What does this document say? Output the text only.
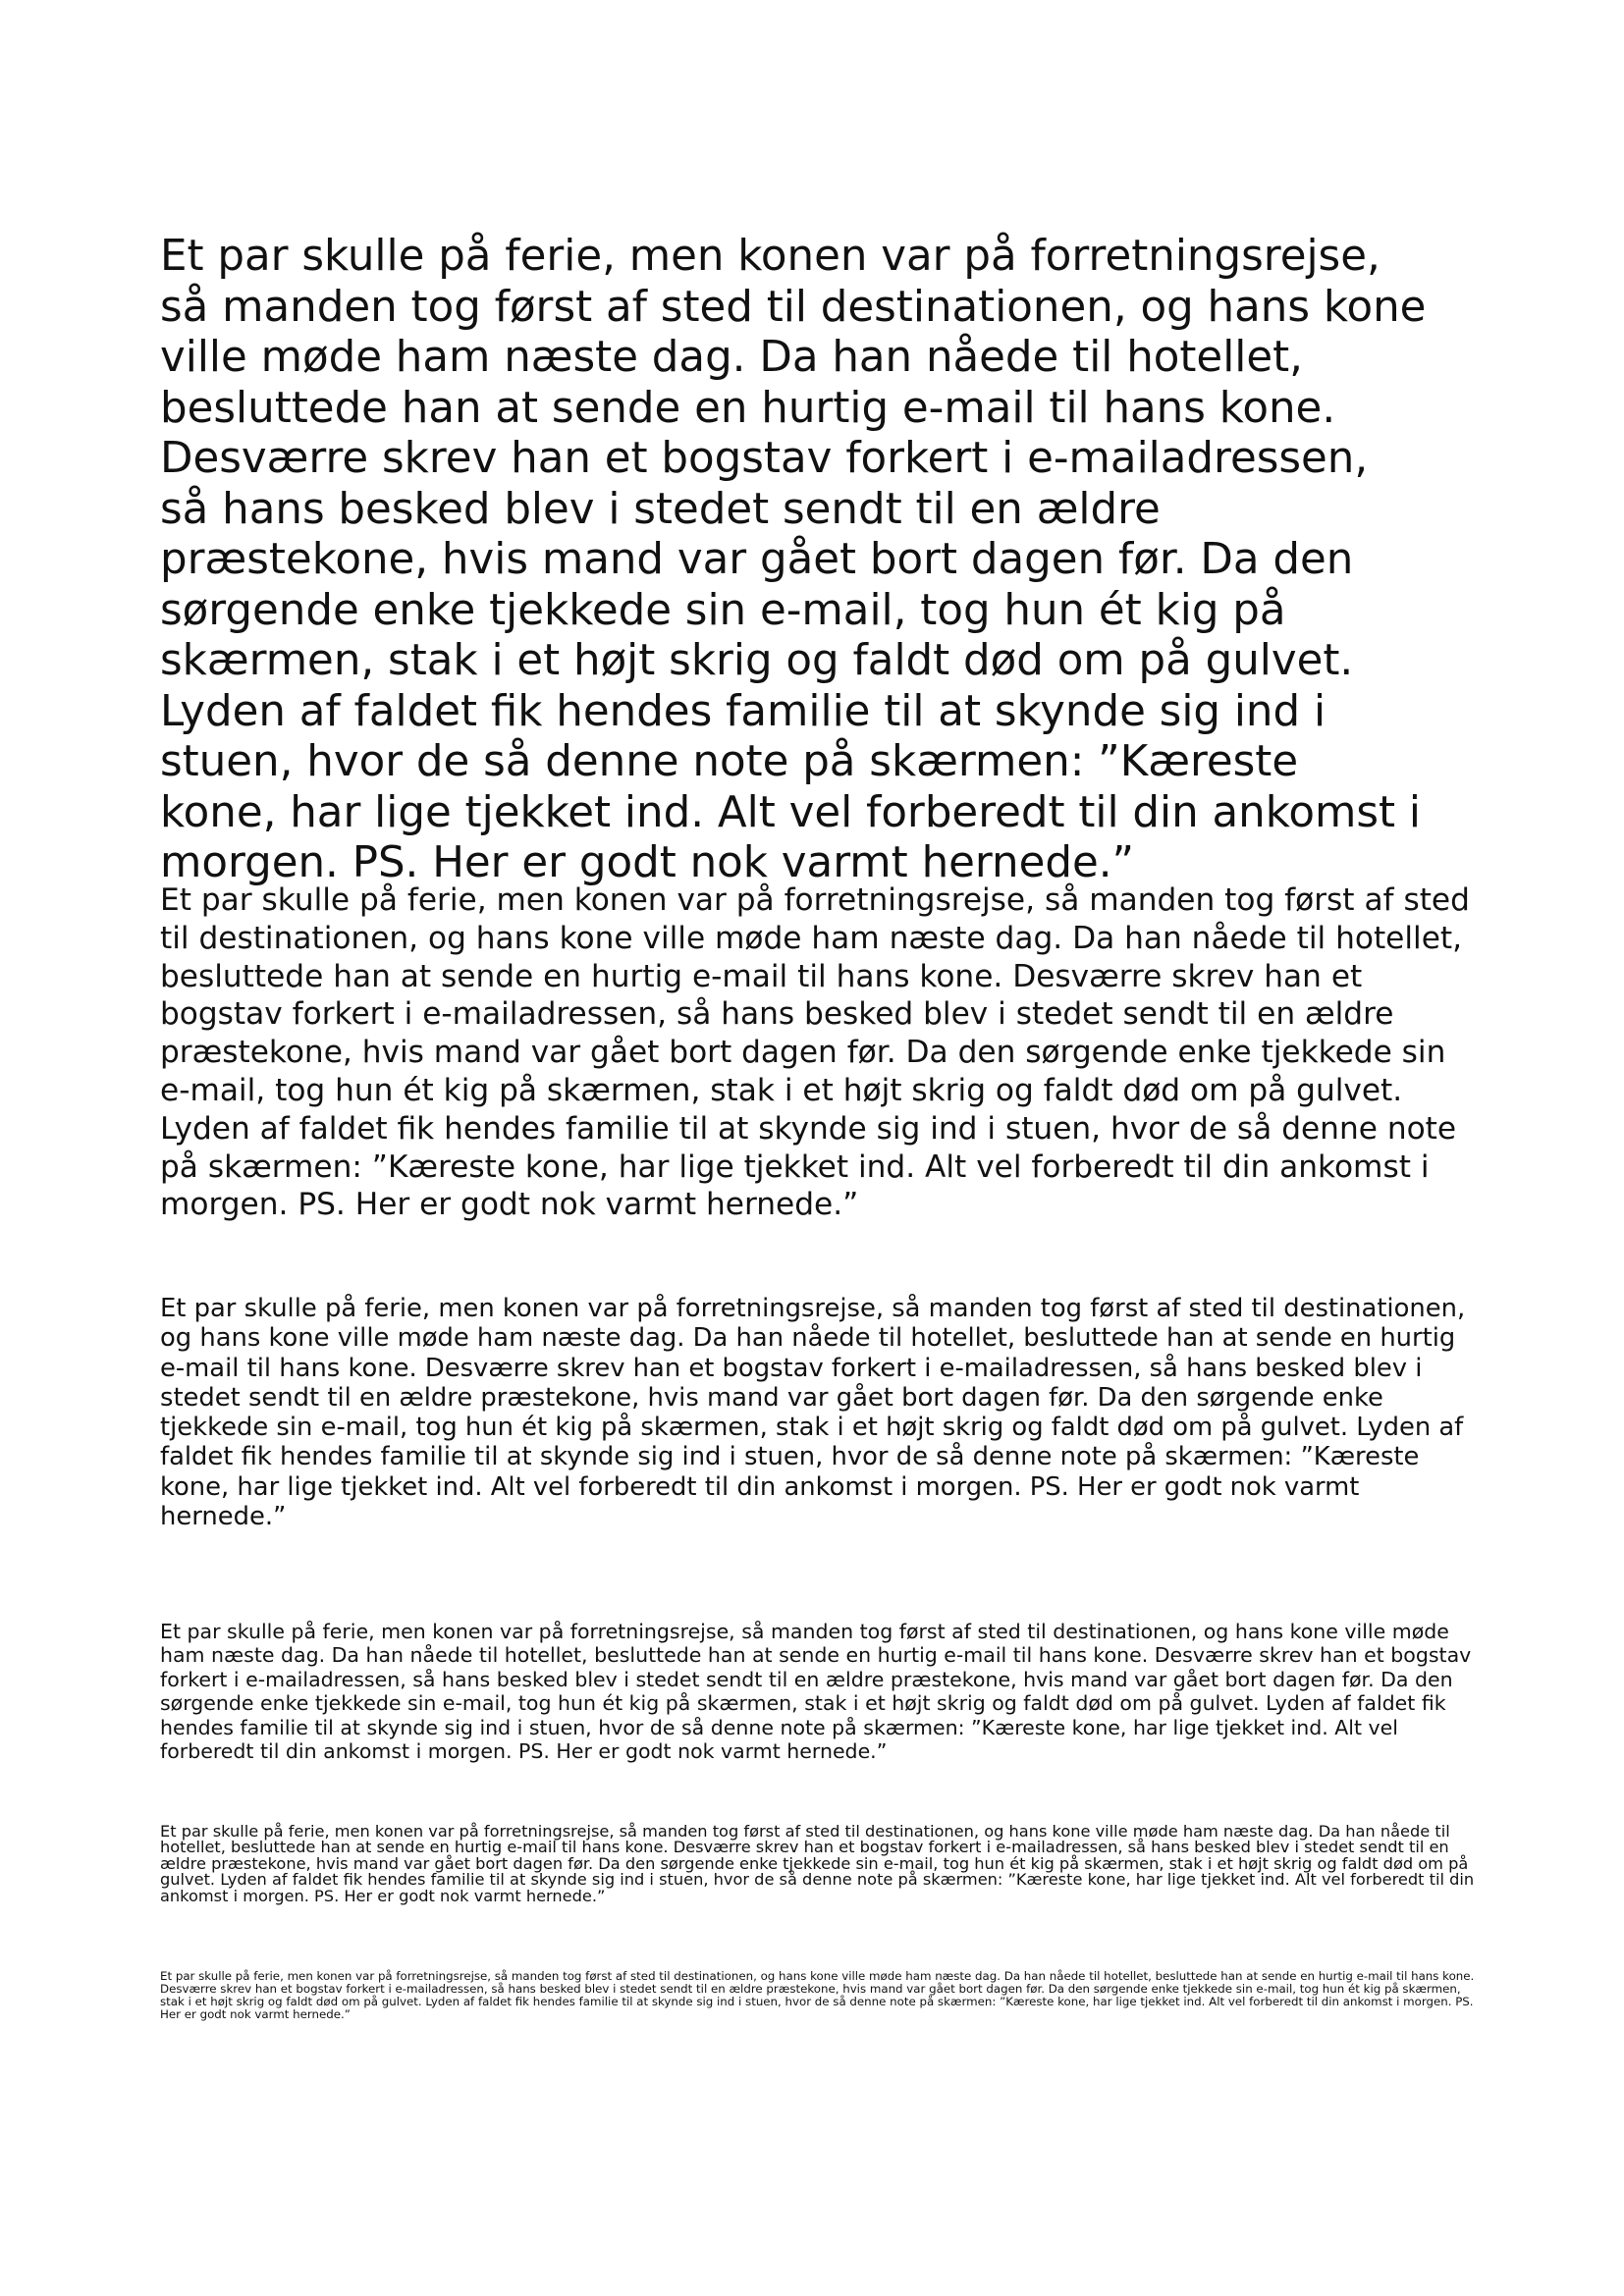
Et par skulle på ferie, men konen var på forretningsrejse, så manden tog først af sted til destinationen, og hans kone ville møde ham næste dag. Da han nåede til hotellet, besluttede han at sende en hurtig e-mail til hans kone. Desværre skrev han et bogstav forkert i e-mailadressen, så hans besked blev i stedet sendt til en ældre præstekone, hvis mand var gået bort dagen før. Da den sørgende enke tjekkede sin e-mail, tog hun ét kig på skærmen, stak i et højt skrig og faldt død om på gulvet. Lyden af faldet fik hendes familie til at skynde sig ind i stuen, hvor de så denne note på skærmen: ”Kæreste kone, har lige tjekket ind. Alt vel forberedt til din ankomst i morgen. PS. Her er godt nok varmt hernede.”

Et par skulle på ferie, men konen var på forretningsrejse, så manden tog først af sted til destinationen, og hans kone ville møde ham næste dag. Da han nåede til hotellet, besluttede han at sende en hurtig e-mail til hans kone. Desværre skrev han et bogstav forkert i e-mailadressen, så hans besked blev i stedet sendt til en ældre præstekone, hvis mand var gået bort dagen før. Da den sørgende enke tjekkede sin e-mail, tog hun ét kig på skærmen, stak i et højt skrig og faldt død om på gulvet. Lyden af faldet fik hendes familie til at skynde sig ind i stuen, hvor de så denne note på skærmen: ”Kæreste kone, har lige tjekket ind. Alt vel forberedt til din ankomst i morgen. PS. Her er godt nok varmt hernede.”

Et par skulle på ferie, men konen var på forretningsrejse, så manden tog først af sted til destinationen, og hans kone ville møde ham næste dag. Da han nåede til hotellet, besluttede han at sende en hurtig e-mail til hans kone. Desværre skrev han et bogstav forkert i e-mailadressen, så hans besked blev i stedet sendt til en ældre præstekone, hvis mand var gået bort dagen før. Da den sørgende enke tjekkede sin e-mail, tog hun ét kig på skærmen, stak i et højt skrig og faldt død om på gulvet. Lyden af faldet fik hendes familie til at skynde sig ind i stuen, hvor de så denne note på skærmen: ”Kæreste kone, har lige tjekket ind. Alt vel forberedt til din ankomst i morgen. PS. Her er godt nok varmt hernede.”

Et par skulle på ferie, men konen var på forretningsrejse, så manden tog først af sted til destinationen, og hans kone ville møde ham næste dag. Da han nåede til hotellet, besluttede han at sende en hurtig e-mail til hans kone. Desværre skrev han et bogstav forkert i e-mailadressen, så hans besked blev i stedet sendt til en ældre præstekone, hvis mand var gået bort dagen før. Da den sørgende enke tjekkede sin e-mail, tog hun ét kig på skærmen, stak i et højt skrig og faldt død om på gulvet. Lyden af faldet fik hendes familie til at skynde sig ind i stuen, hvor de så denne note på skærmen: ”Kæreste kone, har lige tjekket ind. Alt vel forberedt til din ankomst i morgen. PS. Her er godt nok varmt hernede.”

Et par skulle på ferie, men konen var på forretningsrejse, så manden tog først af sted til destinationen, og hans kone ville møde ham næste dag. Da han nåede til hotellet, besluttede han at sende en hurtig e-mail til hans kone. Desværre skrev han et bogstav forkert i e-mailadressen, så hans besked blev i stedet sendt til en ældre præstekone, hvis mand var gået bort dagen før. Da den sørgende enke tjekkede sin e-mail, tog hun ét kig på skærmen, stak i et højt skrig og faldt død om på gulvet. Lyden af faldet fik hendes familie til at skynde sig ind i stuen, hvor de så denne note på skærmen: ”Kæreste kone, har lige tjekket ind. Alt vel forberedt til din ankomst i morgen. PS. Her er godt nok varmt hernede.”

Et par skulle på ferie, men konen var på forretningsrejse, så manden tog først af sted til destinationen, og hans kone ville møde ham næste dag. Da han nåede til hotellet, besluttede han at sende en hurtig e-mail til hans kone. Desværre skrev han et bogstav forkert i e-mailadressen, så hans besked blev i stedet sendt til en ældre præstekone, hvis mand var gået bort dagen før. Da den sørgende enke tjekkede sin e-mail, tog hun ét kig på skærmen, stak i et højt skrig og faldt død om på gulvet. Lyden af faldet fik hendes familie til at skynde sig ind i stuen, hvor de så denne note på skærmen: ”Kæreste kone, har lige tjekket ind. Alt vel forberedt til din ankomst i morgen. PS. Her er godt nok varmt hernede.”
